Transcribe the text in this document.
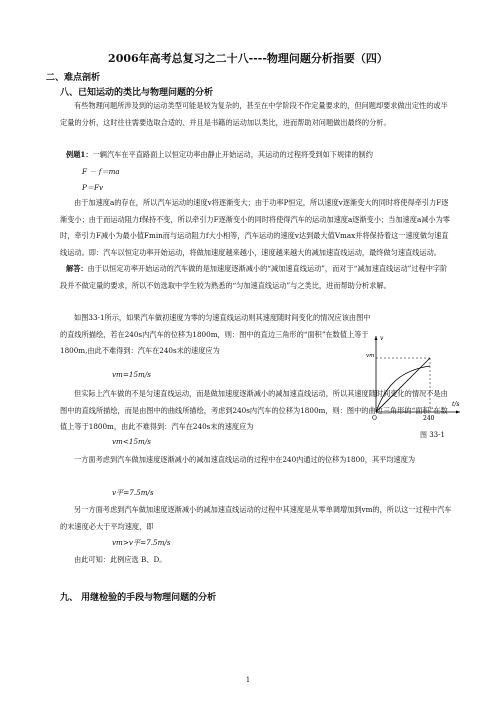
2006年高考总复习之二十八----物理问题分析指要（四）
二、难点剖析
八、已知运动的类比与物理问题的分析

有些物理问题所涉及到的运动类型可能是较为复杂的，甚至在中学阶段不作定量要求的，但问题却要求做出定性的或半定量的分析，这时往往需要选取合适的、并且是书籍的运动加以类比，进而帮助对问题做出最终的分析。

例题1：一辆汽车在平直路面上以恒定功率由静止开始运动，其运动的过程将受到如下规律的制约
F － f＝ma
P＝Fv

由于加速度a的存在，所以汽车运动的速度v将逐渐变大；由于功率P恒定，所以速度v逐渐变大的同时将使得牵引力F逐渐变小；由于而运动阻力f保持不变，所以牵引力F逐渐变小的同时将使得汽车的运动加速度a逐渐变小；当加速度a减小为零时，牵引力F减小为最小值Fmin而与运动阻力f大小相等，汽车运动的速度v达到最大值Vmax并将保持着这一速度做匀速直线运动。即：汽车以恒定功率开始运动，将做加速度越来越小，速度越来越大的减加速直线运动，最终做匀速直线运动。

解答：由于以恒定功率开始运动的汽车做的是加速度逐渐减小的“减加速直线运动”，而对于“减加速直线运动”过程中字阶段并不做定量的要求，所以不妨选取中学生较为熟悉的“匀加速直线运动”与之类比，进而帮助分析求解。

如图33-1所示，如果汽车做初速度为零的匀速直线运动则其速度随时间变化的情况应该由图中的直线所描绘，若在240s内汽车的位移为1800m，则：图中的直边三角形的“面积”在数值上等于1800m,由此不难得到：汽车在240s末的速度应为

v
vm
t/s
O	240
图 33-1
vm=15m/s

但实际上汽车做的不是匀速直线运动，而是做加速度逐渐减小的减加速直线运动，所以其速度随时间变化的情况不是由图中的直线所描绘，而是由图中的曲线所描绘，考虑到240s内汽车的位移为1800m，则：图中的曲边三角形的“面积”在数值上等于1800m，由此不难得到：汽车在240s末的速度应为

vm<15m/s

一方面考虑到汽车做加速度逐渐减小的减加速直线运动的过程中在240内通过的位移为1800，其平均速度为

v平=7.5m/s

另一方面考虑到汽车做加速度逐渐减小的减加速直线运动的过程中其速度是从零单调增加到vm的，所以这一过程中汽车的末速度必大于平均速度，即

vm>v平=7.5m/s
由此可知：此例应选 B、D。
九、 用继检验的手段与物理问题的分析
1
